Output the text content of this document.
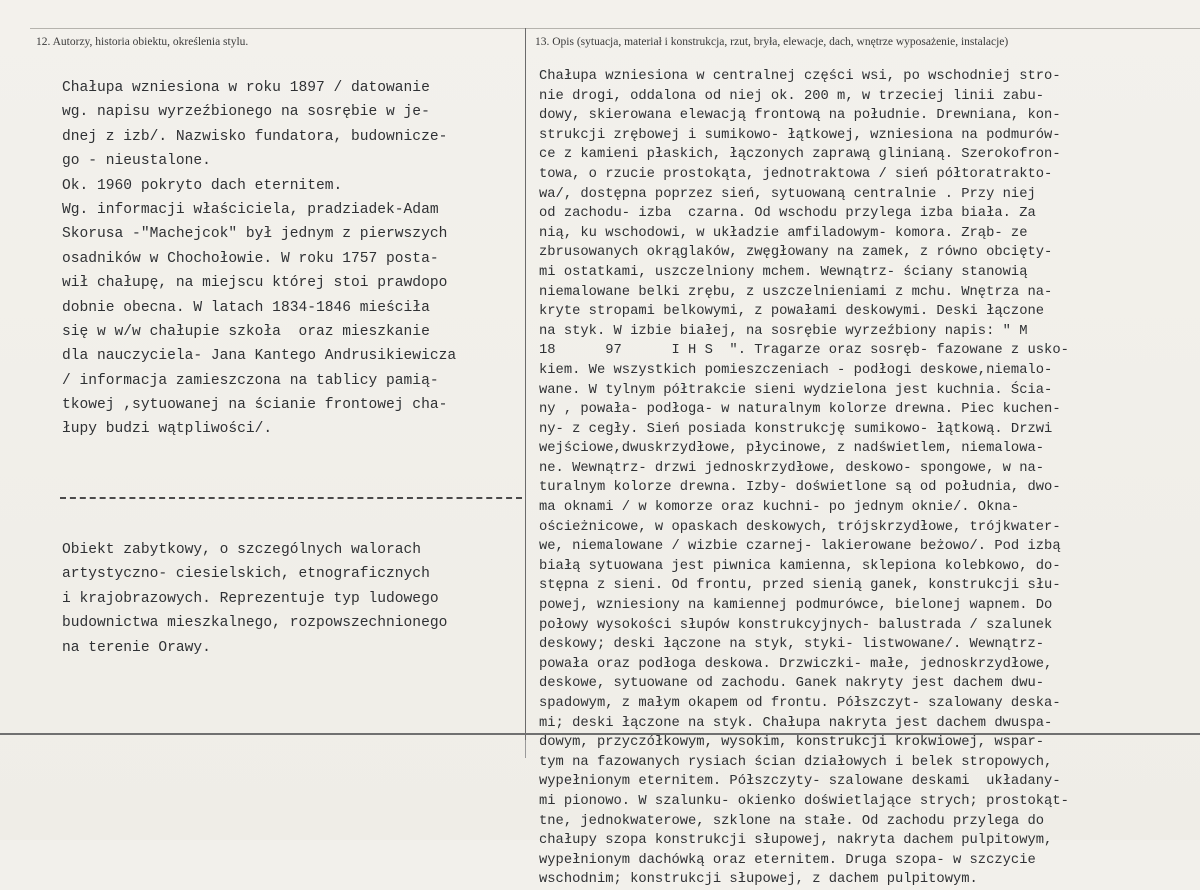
12. Autorzy, historia obiektu, określenia stylu.	13. Opis (sytuacja, materiał i konstrukcja, rzut, bryła, elewacje, dach, wnętrze wyposażenie, instalacje)
Chałupa wzniesiona w roku 1897 / datowanie
wg. napisu wyrzeźbionego na sosrębie w je-
dnej z izb/. Nazwisko fundatora, budowniczе-
go - nieustalone.
Ok. 1960 pokryto dach eternitem.
Wg. informacji właściciela, pradziadek-Adam
Skorusa -"Machejcok" był jednym z pierwszych
osadników w Chochołowie. W roku 1757 posta-
wił chałupę, na miejscu której stoi prawdopo
dobnie obecna. W latach 1834-1846 mieściła
się w w/w chałupie szkoła  oraz mieszkanie
dla nauczyciela- Jana Kantego Andrusikiewicza
/ informacja zamieszczona na tablicy pamią-
tkowej ,sytuowanej na ścianie frontowej cha-
łupy budzi wątpliwości/.
Obiekt zabytkowy, o szczególnych walorach
artystyczno- ciesielskich, etnograficznych
i krajobrazowych. Reprezentuje typ ludowego
budownictwa mieszkalnego, rozpowszechnionego
na terenie Orawy.
Chałupa wzniesiona w centralnej części wsi, po wschodniej stro-
nie drogi, oddalona od niej ok. 200 m, w trzeciej linii zabu-
dowy, skierowana elewacją frontową na południe. Drewniana, kon-
strukcji zrębowej i sumikowo- łątkowej, wzniesiona na podmurów-
ce z kamieni płaskich, łączonych zaprawą glinianą. Szerokofron-
towa, o rzucie prostokąta, jednotraktowa / sień półtoratrakto-
wa/, dostępna poprzez sień, sytuowaną centralnie . Przy niej
od zachodu- izba  czarna. Od wschodu przylega izba biała. Za
nią, ku wschodowi, w układzie amfiladowym- komora. Zrąb- ze
zbrusowanych okrąglaków, zwęgłowany na zamek, z równo obcięty-
mi ostatkami, uszczelniony mchem. Wewnątrz- ściany stanowią
niemalowane belki zrębu, z uszczelnieniami z mchu. Wnętrza na-
kryte stropami belkowymi, z powałami deskowymi. Deski łączone
na styk. W izbie białej, na sosrębie wyrzeźbiony napis: " M
18      97      I H S  ". Tragarze oraz sosręb- fazowane z usko-
kiem. We wszystkich pomieszczeniach - podłogi deskowe,niemalo-
wane. W tylnym półtrakcie sieni wydzielona jest kuchnia. Ścia-
ny , powała- podłoga- w naturalnym kolorze drewna. Piec kuchen-
ny- z cegły. Sień posiada konstrukcję sumikowo- łątkową. Drzwi
wejściowe,dwuskrzydłowe, płycinowe, z nadświetlem, niemalowa-
ne. Wewnątrz- drzwi jednoskrzydłowe, deskowo- spongowe, w na-
turalnym kolorze drewna. Izby- doświetlone są od południa, dwo-
ma oknami / w komorze oraz kuchni- po jednym oknie/. Okna-
ościeżnicowe, w opaskach deskowych, trójskrzydłowe, trójkwater-
we, niemalowane / wizbie czarnej- lakierowane beżowo/. Pod izbą
białą sytuowana jest piwnica kamienna, sklepiona kolebkowo, do-
stępna z sieni. Od frontu, przed sienią ganek, konstrukcji słu-
powej, wzniesiony na kamiennej podmurówce, bielonej wapnem. Do
połowy wysokości słupów konstrukcyjnych- balustrada / szalunek
deskowy; deski łączone na styk, styki- listwowane/. Wewnątrz-
powała oraz podłoga deskowa. Drzwiczki- małe, jednoskrzydłowe,
deskowe, sytuowane od zachodu. Ganek nakryty jest dachem dwu-
spadowym, z małym okapem od frontu. Półszczyt- szalowany deska-
mi; deski łączone na styk. Chałupa nakryta jest dachem dwuspa-
dowym, przyczółkowym, wysokim, konstrukcji krokwiowej, wspar-
tym na fazowanych rysiach ścian działowych i belek stropowych,
wypełnionym eternitem. Półszczyty- szalowane deskami  układany-
mi pionowo. W szalunku- okienko doświetlające strych; prostokąt-
tne, jednokwaterowe, szklone na stałe. Od zachodu przylega do
chałupy szopa konstrukcji słupowej, nakryta dachem pulpitowym,
wypełnionym dachówką oraz eternitem. Druga szopa- w szczycie
wschodnim; konstrukcji słupowej, z dachem pulpitowym.
